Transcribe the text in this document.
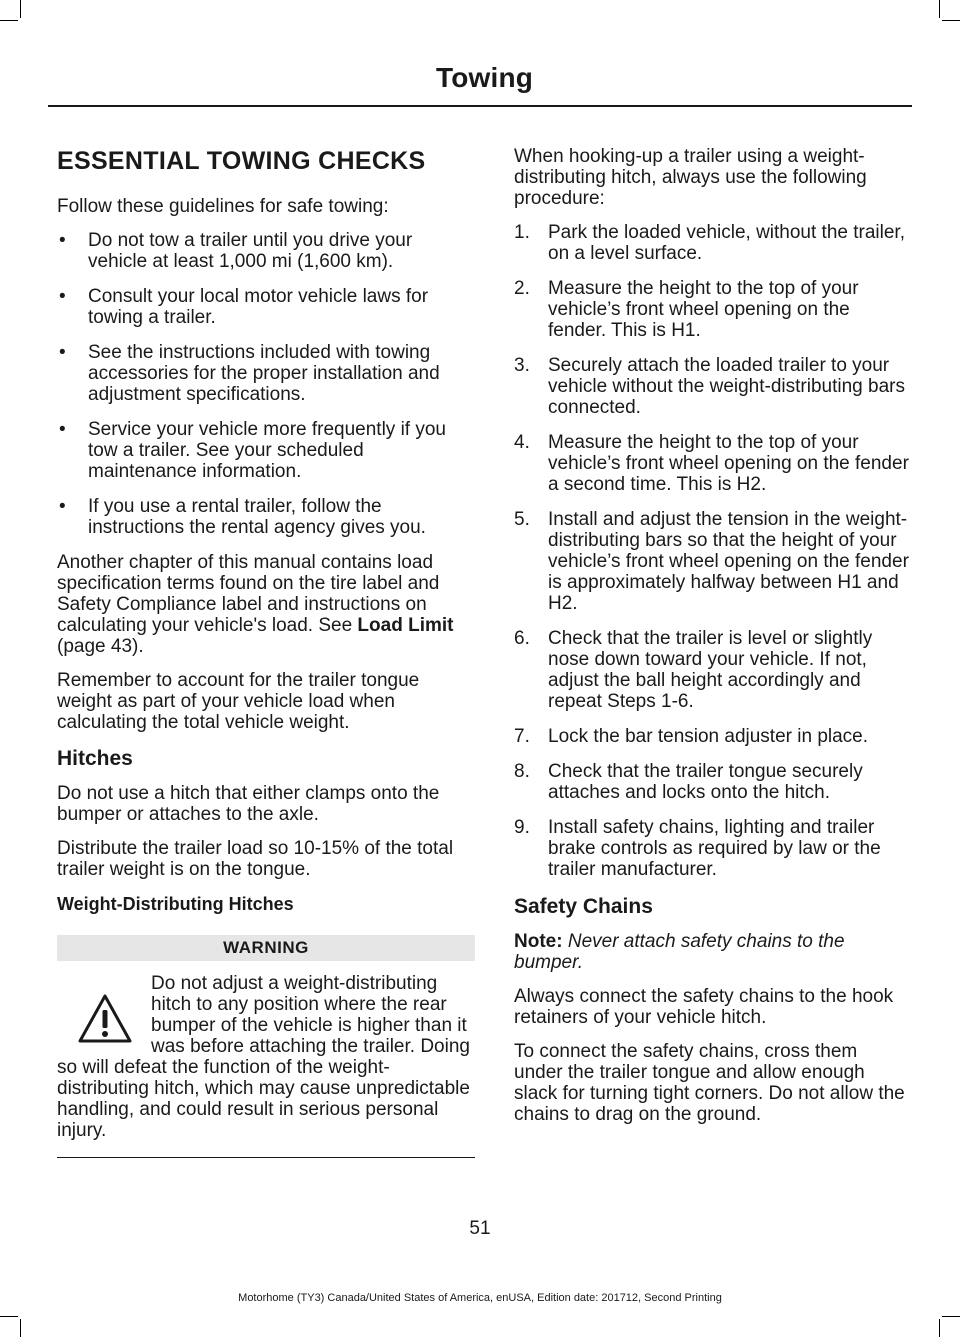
Towing
ESSENTIAL TOWING CHECKS

Follow these guidelines for safe towing:

• Do not tow a trailer until you drive your vehicle at least 1,000 mi (1,600 km).
• Consult your local motor vehicle laws for towing a trailer.
• See the instructions included with towing accessories for the proper installation and adjustment specifications.
• Service your vehicle more frequently if you tow a trailer. See your scheduled maintenance information.
• If you use a rental trailer, follow the instructions the rental agency gives you.

Another chapter of this manual contains load specification terms found on the tire label and Safety Compliance label and instructions on calculating your vehicle's load. See Load Limit (page 43).

Remember to account for the trailer tongue weight as part of your vehicle load when calculating the total vehicle weight.

Hitches

Do not use a hitch that either clamps onto the bumper or attaches to the axle.

Distribute the trailer load so 10-15% of the total trailer weight is on the tongue.

Weight-Distributing Hitches
WARNING
Do not adjust a weight-distributing hitch to any position where the rear bumper of the vehicle is higher than it was before attaching the trailer. Doing so will defeat the function of the weight-distributing hitch, which may cause unpredictable handling, and could result in serious personal injury.

When hooking-up a trailer using a weight-distributing hitch, always use the following procedure:

1. Park the loaded vehicle, without the trailer, on a level surface.
2. Measure the height to the top of your vehicle’s front wheel opening on the fender. This is H1.
3. Securely attach the loaded trailer to your vehicle without the weight-distributing bars connected.
4. Measure the height to the top of your vehicle’s front wheel opening on the fender a second time. This is H2.
5. Install and adjust the tension in the weight-distributing bars so that the height of your vehicle’s front wheel opening on the fender is approximately halfway between H1 and H2.
6. Check that the trailer is level or slightly nose down toward your vehicle. If not, adjust the ball height accordingly and repeat Steps 1-6.
7. Lock the bar tension adjuster in place.
8. Check that the trailer tongue securely attaches and locks onto the hitch.
9. Install safety chains, lighting and trailer brake controls as required by law or the trailer manufacturer.
Safety Chains

Note: Never attach safety chains to the bumper.

Always connect the safety chains to the hook retainers of your vehicle hitch.

To connect the safety chains, cross them under the trailer tongue and allow enough slack for turning tight corners. Do not allow the chains to drag on the ground.

51
Motorhome (TY3) Canada/United States of America, enUSA, Edition date: 201712, Second Printing
